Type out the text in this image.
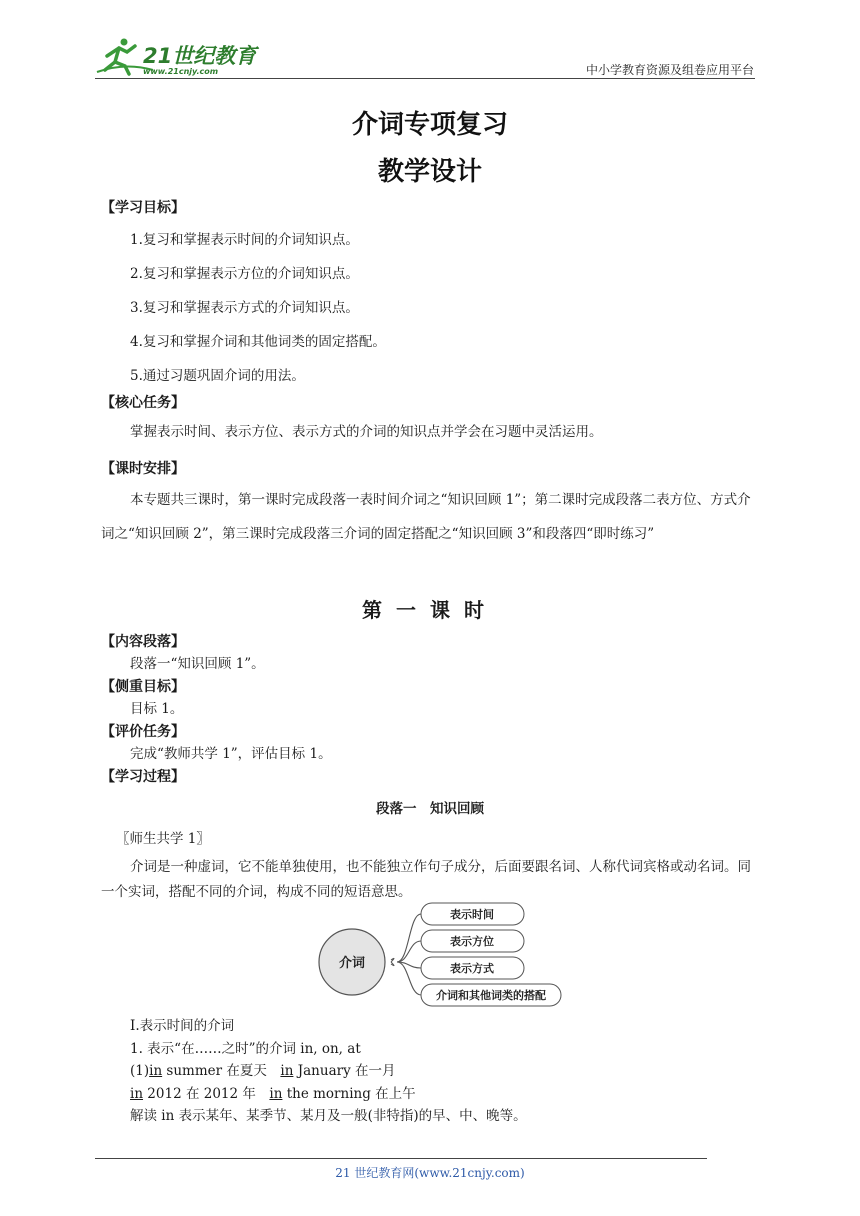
21世纪教育
www.21cnjy.com	中小学教育资源及组卷应用平台
介词专项复习
教学设计
【学习目标】
1.复习和掌握表示时间的介词知识点。
2.复习和掌握表示方位的介词知识点。
3.复习和掌握表示方式的介词知识点。
4.复习和掌握介词和其他词类的固定搭配。
5.通过习题巩固介词的用法。
【核心任务】
掌握表示时间、表示方位、表示方式的介词的知识点并学会在习题中灵活运用。
【课时安排】
本专题共三课时，第一课时完成段落一表时间介词之“知识回顾 1”；第二课时完成段落二表方位、方式介词之“知识回顾 2”，第三课时完成段落三介词的固定搭配之“知识回顾 3”和段落四“即时练习”
第一课时
【内容段落】
段落一“知识回顾 1”。
【侧重目标】
目标 1。
【评价任务】
完成“教师共学 1”，评估目标 1。
【学习过程】
段落一　知识回顾
〖师生共学 1〗
介词是一种虚词，它不能单独使用，也不能独立作句子成分，后面要跟名词、人称代词宾格或动名词。同一个实词，搭配不同的介词，构成不同的短语意思。
介词
表示时间
表示方位
表示方式
介词和其他词类的搭配
Ⅰ.表示时间的介词
1. 表示“在……之时”的介词 in, on, at
(1)in summer 在夏天　in January 在一月
in 2012 在 2012 年　in the morning 在上午
解读 in 表示某年、某季节、某月及一般(非特指)的早、中、晚等。
21 世纪教育网(www.21cnjy.com)
